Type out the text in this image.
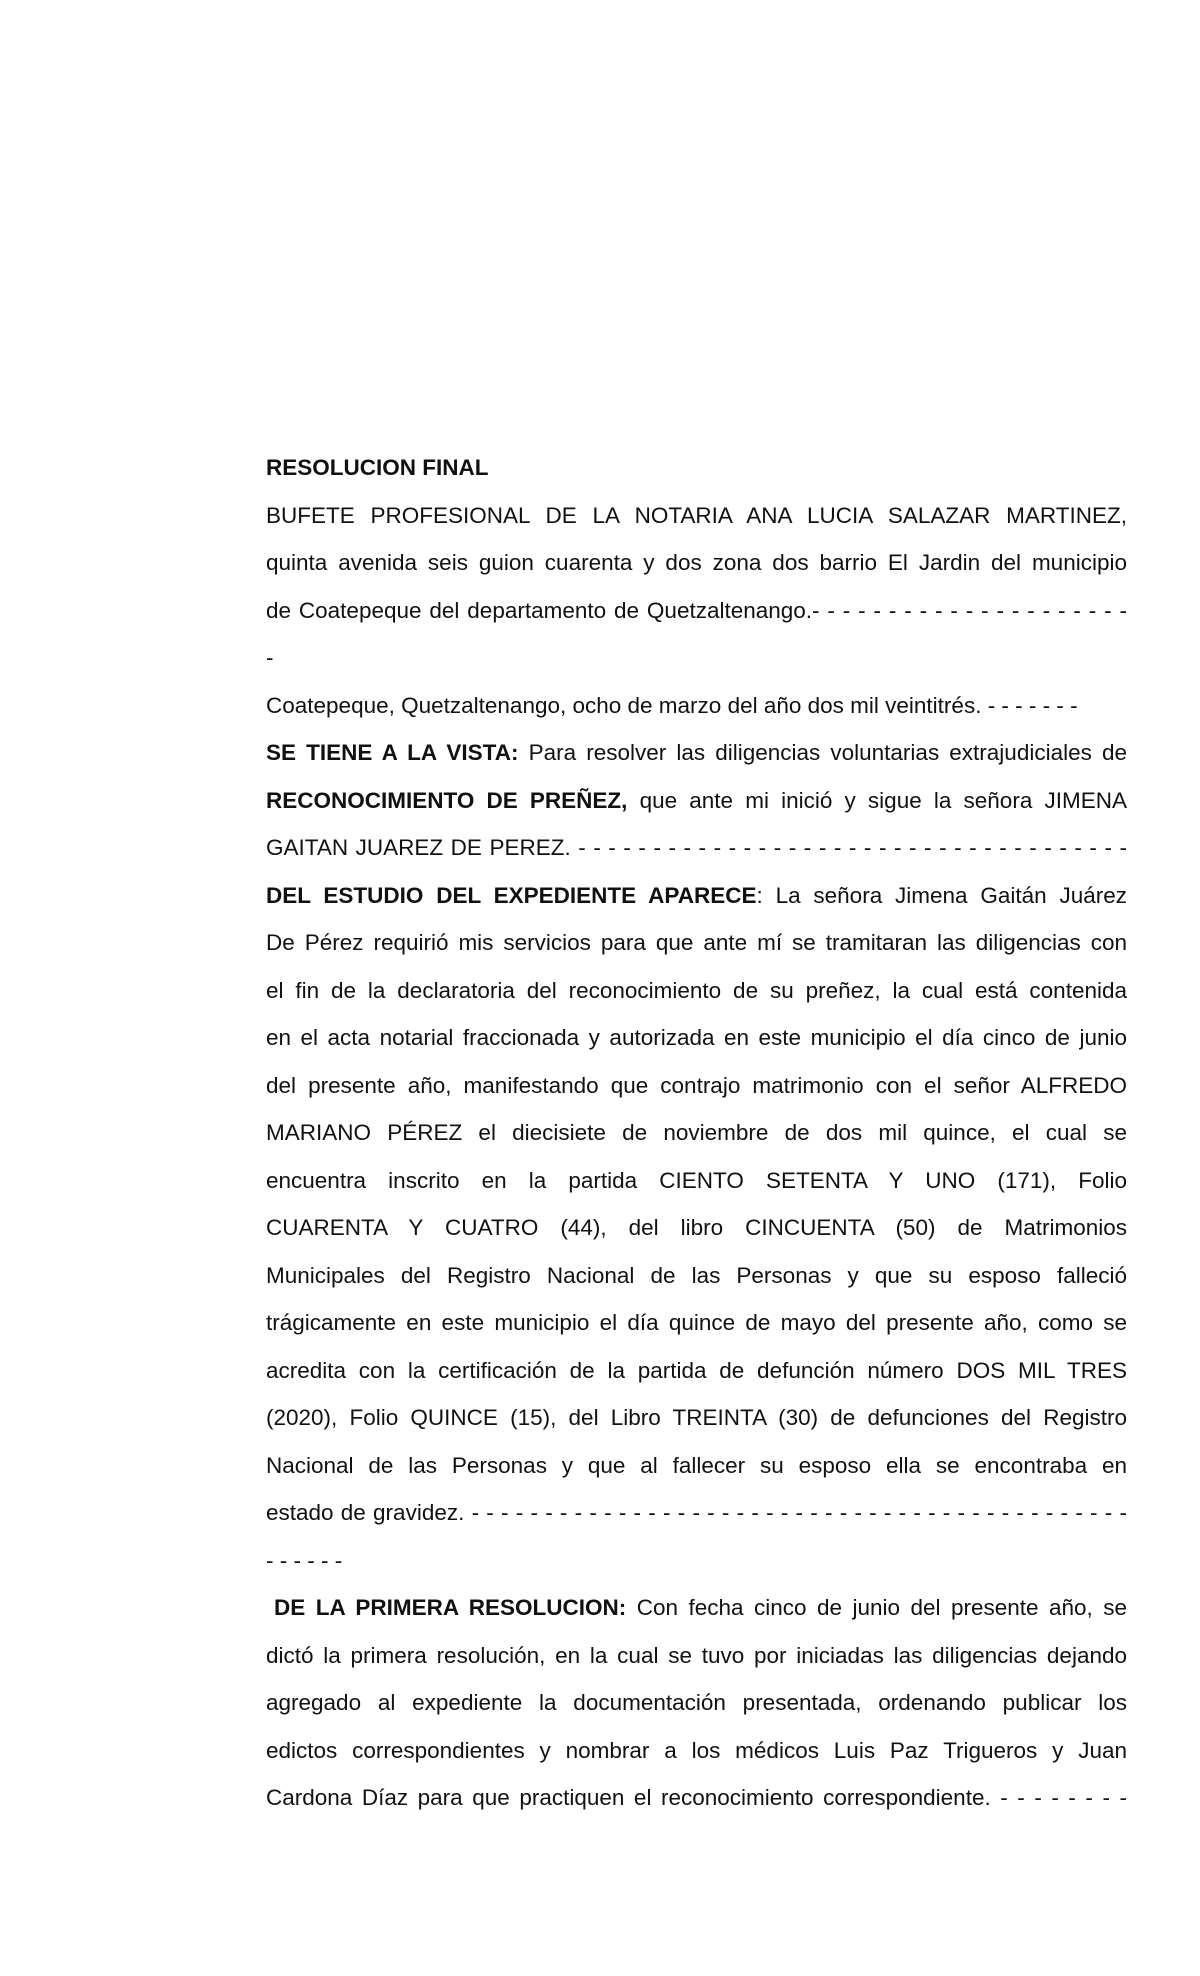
RESOLUCION FINAL
BUFETE PROFESIONAL DE LA NOTARIA ANA LUCIA SALAZAR MARTINEZ,
quinta avenida seis guion cuarenta y dos zona dos barrio El Jardin del municipio
de Coatepeque del departamento de Quetzaltenango.- - - - - - - - - - - - - - - - - - - - -
-
Coatepeque, Quetzaltenango, ocho de marzo del año dos mil veintitrés. - - - - - - -
SE TIENE A LA VISTA: Para resolver las diligencias voluntarias extrajudiciales de
RECONOCIMIENTO DE PREÑEZ, que ante mi inició y sigue la señora JIMENA
GAITAN JUAREZ DE PEREZ. - - - - - - - - - - - - - - - - - - - - - - - - - - - - - - - - - - - - -
DEL ESTUDIO DEL EXPEDIENTE APARECE: La señora Jimena Gaitán Juárez
De Pérez requirió mis servicios para que ante mí se tramitaran las diligencias con
el fin de la declaratoria del reconocimiento de su preñez, la cual está contenida
en el acta notarial fraccionada y autorizada en este municipio el día cinco de junio
del presente año, manifestando que contrajo matrimonio con el señor ALFREDO
MARIANO PÉREZ el diecisiete de noviembre de dos mil quince, el cual se
encuentra inscrito en la partida CIENTO SETENTA Y UNO (171), Folio
CUARENTA Y CUATRO (44), del libro CINCUENTA (50) de Matrimonios
Municipales del Registro Nacional de las Personas y que su esposo falleció
trágicamente en este municipio el día quince de mayo del presente año, como se
acredita con la certificación de la partida de defunción número DOS MIL TRES
(2020), Folio QUINCE (15), del Libro TREINTA (30) de defunciones del Registro
Nacional de las Personas y que al fallecer su esposo ella se encontraba en
estado de gravidez. - - - - - - - - - - - - - - - - - - - - - - - - - - - - - - - - - - - - - - - - - - - - -
- - - - - -
DE LA PRIMERA RESOLUCION: Con fecha cinco de junio del presente año, se
dictó la primera resolución, en la cual se tuvo por iniciadas las diligencias dejando
agregado al expediente la documentación presentada, ordenando publicar los
edictos correspondientes y nombrar a los médicos Luis Paz Trigueros y Juan
Cardona Díaz para que practiquen el reconocimiento correspondiente. - - - - - - - -
